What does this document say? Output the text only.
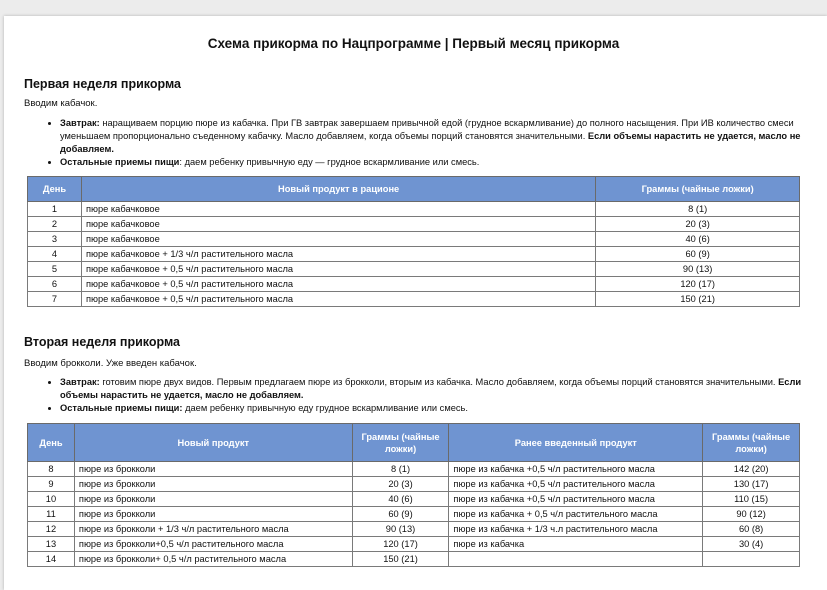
Схема прикорма по Нацпрограмме | Первый месяц прикорма
Первая неделя прикорма
Вводим кабачок.
• Завтрак: наращиваем порцию пюре из кабачка. При ГВ завтрак завершаем привычной едой (грудное вскармливание) до полного насыщения. При ИВ количество смеси уменьшаем пропорционально съеденному кабачку. Масло добавляем, когда объемы порций становятся значительными. Если объемы нарастить не удается, масло не добавляем.
• Остальные приемы пищи: даем ребенку привычную еду — грудное вскармливание или смесь.
День	Новый продукт в рационе	Граммы (чайные ложки)
1	пюре кабачковое	8 (1)
2	пюре кабачковое	20 (3)
3	пюре кабачковое	40 (6)
4	пюре кабачковое + 1/3 ч/л растительного масла	60 (9)
5	пюре кабачковое + 0,5 ч/л растительного масла	90 (13)
6	пюре кабачковое + 0,5 ч/л растительного масла	120 (17)
7	пюре кабачковое + 0,5 ч/л растительного масла	150 (21)
Вторая неделя прикорма
Вводим брокколи. Уже введен кабачок.
• Завтрак: готовим пюре двух видов. Первым предлагаем пюре из брокколи, вторым из кабачка. Масло добавляем, когда объемы порций становятся значительными. Если объемы нарастить не удается, масло не добавляем.
• Остальные приемы пищи: даем ребенку привычную еду грудное вскармливание или смесь.
День	Новый продукт	Граммы (чайные ложки)	Ранее введенный продукт	Граммы (чайные ложки)
8	пюре из брокколи	8 (1)	пюре из кабачка +0,5 ч/л растительного масла	142 (20)
9	пюре из брокколи	20 (3)	пюре из кабачка +0,5 ч/л растительного масла	130 (17)
10	пюре из брокколи	40 (6)	пюре из кабачка +0,5 ч/л растительного масла	110 (15)
11	пюре из брокколи	60 (9)	пюре из кабачка + 0,5 ч/л растительного масла	90 (12)
12	пюре из брокколи + 1/3 ч/л растительного масла	90 (13)	пюре из кабачка + 1/3 ч.л растительного масла	60 (8)
13	пюре из брокколи+0,5 ч/л растительного масла	120 (17)	пюре из кабачка	30 (4)
14	пюре из брокколи+ 0,5 ч/л растительного масла	150 (21)		
